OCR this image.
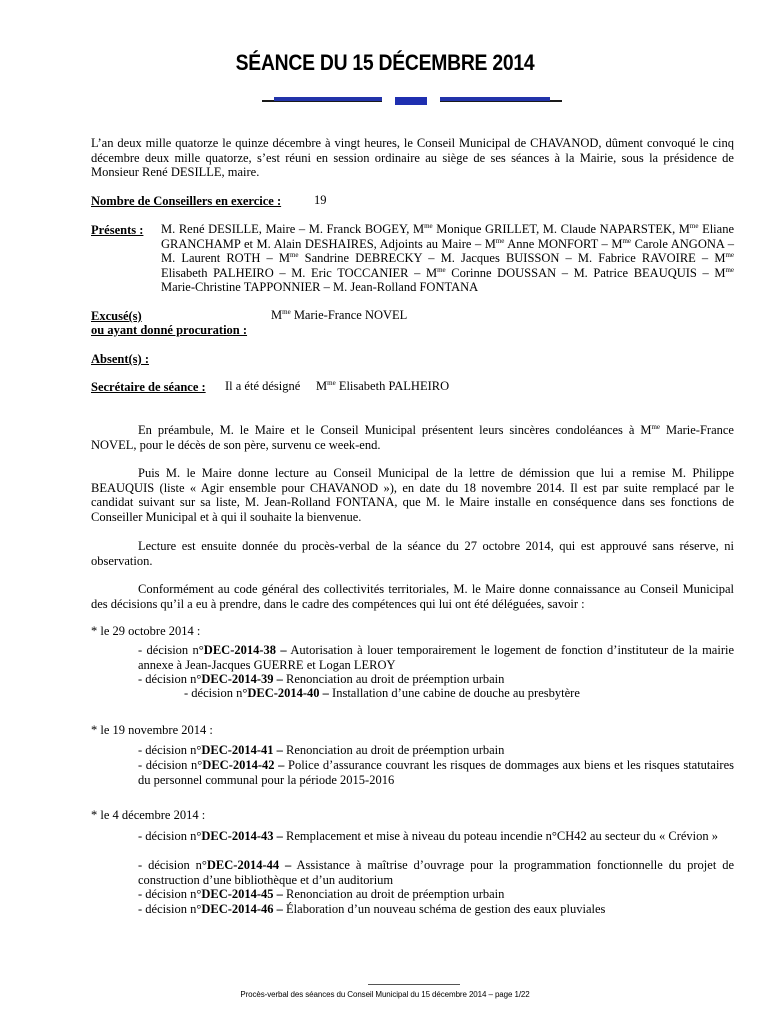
SÉANCE DU 15 DÉCEMBRE 2014

L’an deux mille quatorze le quinze décembre à vingt heures, le Conseil Municipal de CHAVANOD, dûment convoqué le cinq décembre deux mille quatorze, s’est réuni en session ordinaire au siège de ses séances à la Mairie, sous la présidence de Monsieur René DESILLE, maire.

Nombre de Conseillers en exercice :	19
Présents : M. René DESILLE, Maire – M. Franck BOGEY, $M^{me}$ Monique GRILLET, M. Claude NAPARSTEK, $M^{me}$ Eliane GRANCHAMP et M. Alain DESHAIRES, Adjoints au Maire – $M^{me}$ Anne MONFORT – $M^{me}$ Carole ANGONA – M. Laurent ROTH – $M^{me}$ Sandrine DEBRECKY – M. Jacques BUISSON – M. Fabrice RAVOIRE – $M^{me}$ Elisabeth PALHEIRO – M. Eric TOCCANIER – $M^{me}$ Corinne DOUSSAN – M. Patrice BEAUQUIS – $M^{me}$ Marie-Christine TAPPONNIER – M. Jean-Rolland FONTANA

Excusé(s)
ou ayant donné procuration :
$M^{me}$ Marie-France NOVEL
Absent(s) :
Secrétaire de séance : Il a été désigné $M^{me}$ Elisabeth PALHEIRO

En préambule, M. le Maire et le Conseil Municipal présentent leurs sincères condoléances à $M^{me}$ Marie-France NOVEL, pour le décès de son père, survenu ce week-end.

Puis M. le Maire donne lecture au Conseil Municipal de la lettre de démission que lui a remise M. Philippe BEAUQUIS (liste « Agir ensemble pour CHAVANOD »), en date du 18 novembre 2014. Il est par suite remplacé par le candidat suivant sur sa liste, M. Jean-Rolland FONTANA, que M. le Maire installe en conséquence dans ses fonctions de Conseiller Municipal et à qui il souhaite la bienvenue.

Lecture est ensuite donnée du procès-verbal de la séance du 27 octobre 2014, qui est approuvé sans réserve, ni observation.

Conformément au code général des collectivités territoriales, M. le Maire donne connaissance au Conseil Municipal des décisions qu’il a eu à prendre, dans le cadre des compétences qui lui ont été déléguées, savoir :

* le 29 octobre 2014 :
- décision n°DEC-2014-38 – Autorisation à louer temporairement le logement de fonction d’instituteur de la mairie annexe à Jean-Jacques GUERRE et Logan LEROY
- décision n°DEC-2014-39 – Renonciation au droit de préemption urbain
- décision n°DEC-2014-40 – Installation d’une cabine de douche au presbytère
* le 19 novembre 2014 :
- décision n°DEC-2014-41 – Renonciation au droit de préemption urbain
- décision n°DEC-2014-42 – Police d’assurance couvrant les risques de dommages aux biens et les risques statutaires du personnel communal pour la période 2015-2016
* le 4 décembre 2014 :
- décision n°DEC-2014-43 – Remplacement et mise à niveau du poteau incendie n°CH42 au secteur du « Crévion »
- décision n°DEC-2014-44 – Assistance à maîtrise d’ouvrage pour la programmation fonctionnelle du projet de construction d’une bibliothèque et d’un auditorium
- décision n°DEC-2014-45 – Renonciation au droit de préemption urbain
- décision n°DEC-2014-46 – Élaboration d’un nouveau schéma de gestion des eaux pluviales
Procès-verbal des séances du Conseil Municipal du 15 décembre 2014 – page 1/22
